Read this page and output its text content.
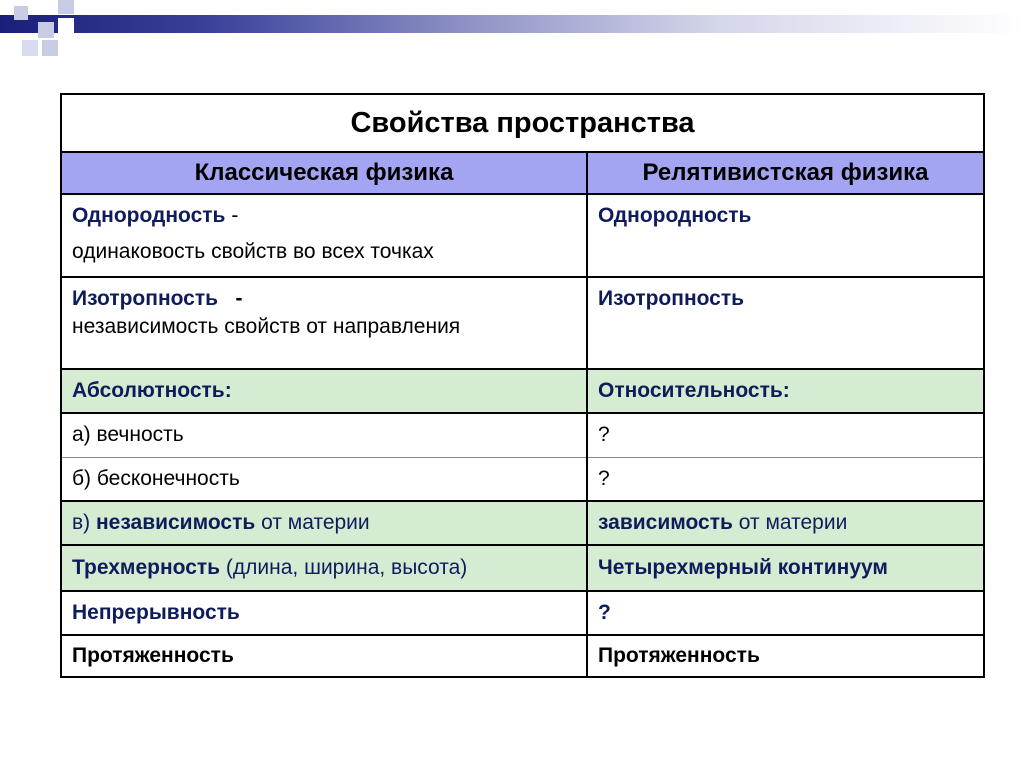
Свойства пространства	
Классическая физика	Релятивистская физика
Однородность -
одинаковость свойств во всех точках	Однородность
Изотропность   -
независимость свойств от направления	Изотропность
Абсолютность:	Относительность:
а) вечность	?
б) бесконечность	?
в) независимость от материи	зависимость от материи
Трехмерность (длина, ширина, высота)	Четырехмерный континуум
Непрерывность	?
Протяженность	Протяженность
